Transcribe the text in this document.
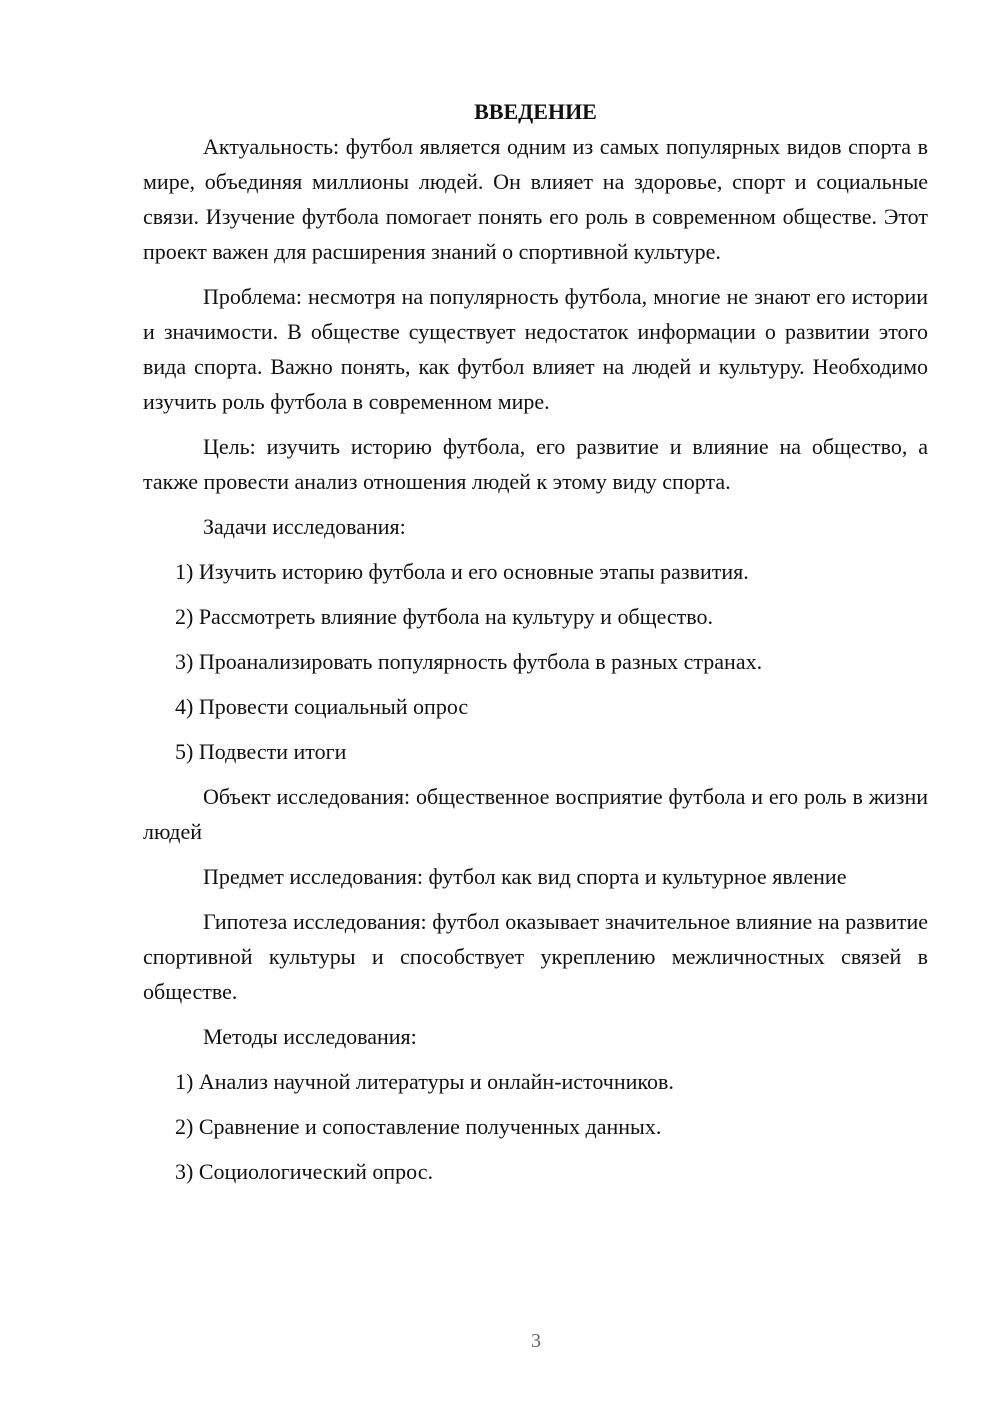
ВВЕДЕНИЕ

Актуальность: футбол является одним из самых популярных видов спорта в мире, объединяя миллионы людей. Он влияет на здоровье, спорт и социальные связи. Изучение футбола помогает понять его роль в современном обществе. Этот проект важен для расширения знаний о спортивной культуре.

Проблема: несмотря на популярность футбола, многие не знают его истории и значимости. В обществе существует недостаток информации о развитии этого вида спорта. Важно понять, как футбол влияет на людей и культуру. Необходимо изучить роль футбола в современном мире.

Цель: изучить историю футбола, его развитие и влияние на общество, а также провести анализ отношения людей к этому виду спорта.

Задачи исследования:

1) Изучить историю футбола и его основные этапы развития.
2) Рассмотреть влияние футбола на культуру и общество.
3) Проанализировать популярность футбола в разных странах.
4) Провести социальный опрос
5) Подвести итоги

Объект исследования: общественное восприятие футбола и его роль в жизни людей

Предмет исследования: футбол как вид спорта и культурное явление

Гипотеза исследования: футбол оказывает значительное влияние на развитие спортивной культуры и способствует укреплению межличностных связей в обществе.

Методы исследования:

1) Анализ научной литературы и онлайн-источников.
2) Сравнение и сопоставление полученных данных.
3) Социологический опрос.
3
